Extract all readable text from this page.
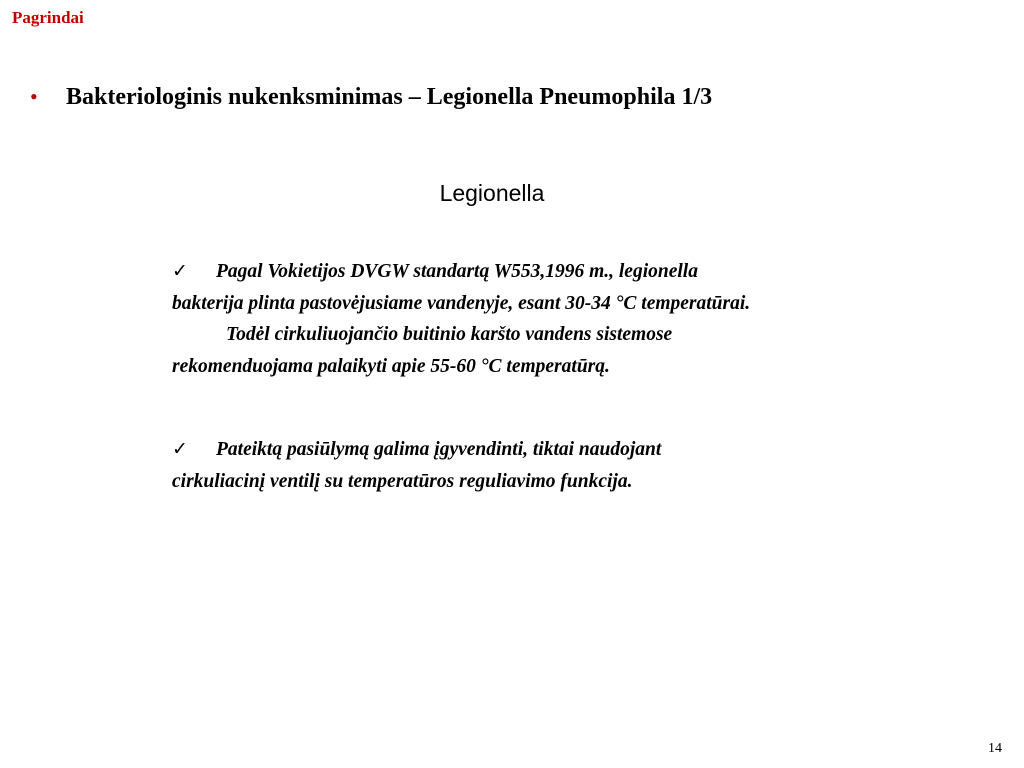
Pagrindai
•	Bakteriologinis nukenksminimas – Legionella Pneumophila 1/3
Legionella
✓ Pagal Vokietijos DVGW standartą W553,1996 m., legionella
bakterija plinta pastovėjusiame vandenyje, esant 30-34 °C temperatūrai.
Todėl cirkuliuojančio buitinio karšto vandens sistemose
rekomenduojama palaikyti apie 55-60 °C temperatūrą.
✓ Pateiktą pasiūlymą galima įgyvendinti, tiktai naudojant
cirkuliacinį ventilį su temperatūros reguliavimo funkcija.
14
